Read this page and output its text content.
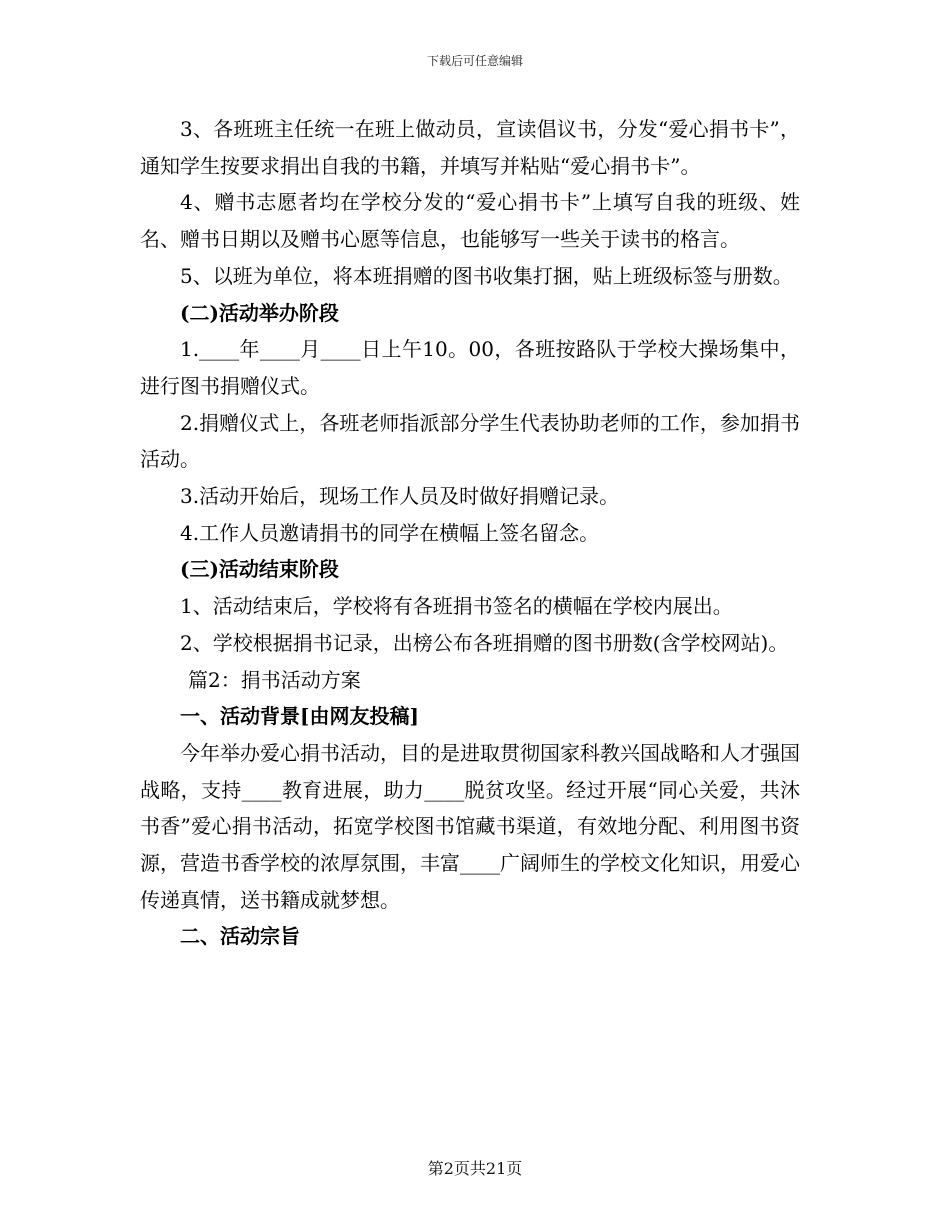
下载后可任意编辑

3、各班班主任统一在班上做动员，宣读倡议书，分发“爱心捐书卡”，通知学生按要求捐出自我的书籍，并填写并粘贴“爱心捐书卡”。

4、赠书志愿者均在学校分发的“爱心捐书卡”上填写自我的班级、姓名、赠书日期以及赠书心愿等信息，也能够写一些关于读书的格言。

5、以班为单位，将本班捐赠的图书收集打捆，贴上班级标签与册数。

(二)活动举办阶段

1.____年____月____日上午10。00，各班按路队于学校大操场集中，进行图书捐赠仪式。

2.捐赠仪式上，各班老师指派部分学生代表协助老师的工作，参加捐书活动。

3.活动开始后，现场工作人员及时做好捐赠记录。

4.工作人员邀请捐书的同学在横幅上签名留念。

(三)活动结束阶段

1、活动结束后，学校将有各班捐书签名的横幅在学校内展出。

2、学校根据捐书记录，出榜公布各班捐赠的图书册数(含学校网站)。

篇2：捐书活动方案

一、活动背景[由网友投稿]

今年举办爱心捐书活动，目的是进取贯彻国家科教兴国战略和人才强国战略，支持____教育进展，助力____脱贫攻坚。经过开展“同心关爱，共沐书香”爱心捐书活动，拓宽学校图书馆藏书渠道，有效地分配、利用图书资源，营造书香学校的浓厚氛围，丰富____广阔师生的学校文化知识，用爱心传递真情，送书籍成就梦想。

二、活动宗旨

第2页共21页
